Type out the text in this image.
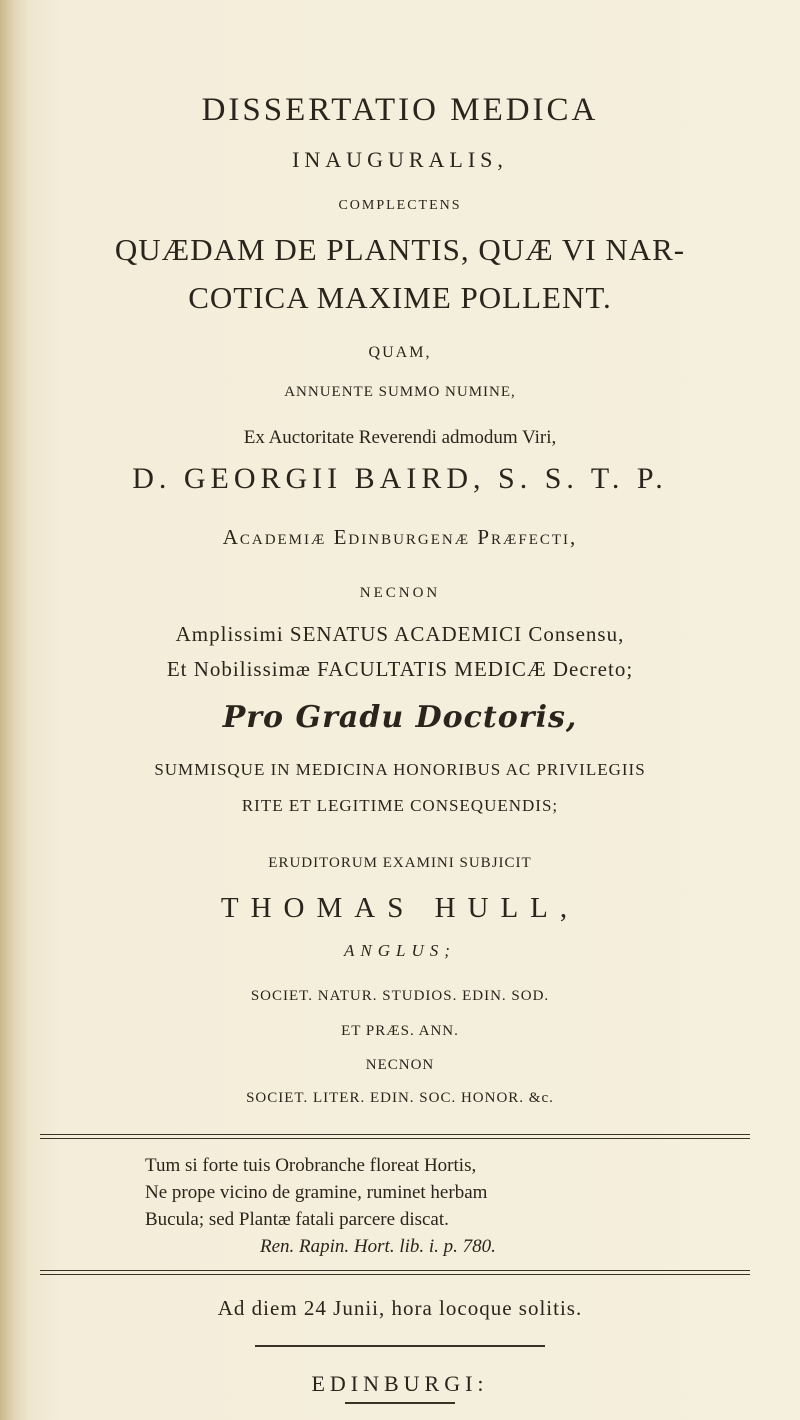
DISSERTATIO MEDICA
INAUGURALIS,
COMPLECTENS
QUÆDAM DE PLANTIS, QUÆ VI NAR-
COTICA MAXIME POLLENT.
QUAM,
ANNUENTE SUMMO NUMINE,
Ex Auctoritate Reverendi admodum Viri,
D. GEORGII BAIRD, S. S. T. P.
Academiæ Edinburgenæ Præfecti,
NECNON
Amplissimi SENATUS ACADEMICI Consensu,
Et Nobilissimæ FACULTATIS MEDICÆ Decreto;
Pro Gradu Doctoris,
SUMMISQUE IN MEDICINA HONORIBUS AC PRIVILEGIIS
RITE ET LEGITIME CONSEQUENDIS;
ERUDITORUM EXAMINI SUBJICIT
THOMAS HULL,
ANGLUS;
SOCIET. NATUR. STUDIOS. EDIN. SOD.
ET PRÆS. ANN.
NECNON
SOCIET. LITER. EDIN. SOC. HONOR. &c.
Tum si forte tuis Orobranche floreat Hortis,
Ne prope vicino de gramine, ruminet herbam
Bucula; sed Plantæ fatali parcere discat.
Ren. Rapin. Hort. lib. i. p. 780.
Ad diem 24 Junii, hora locoque solitis.
EDINBURGI:
